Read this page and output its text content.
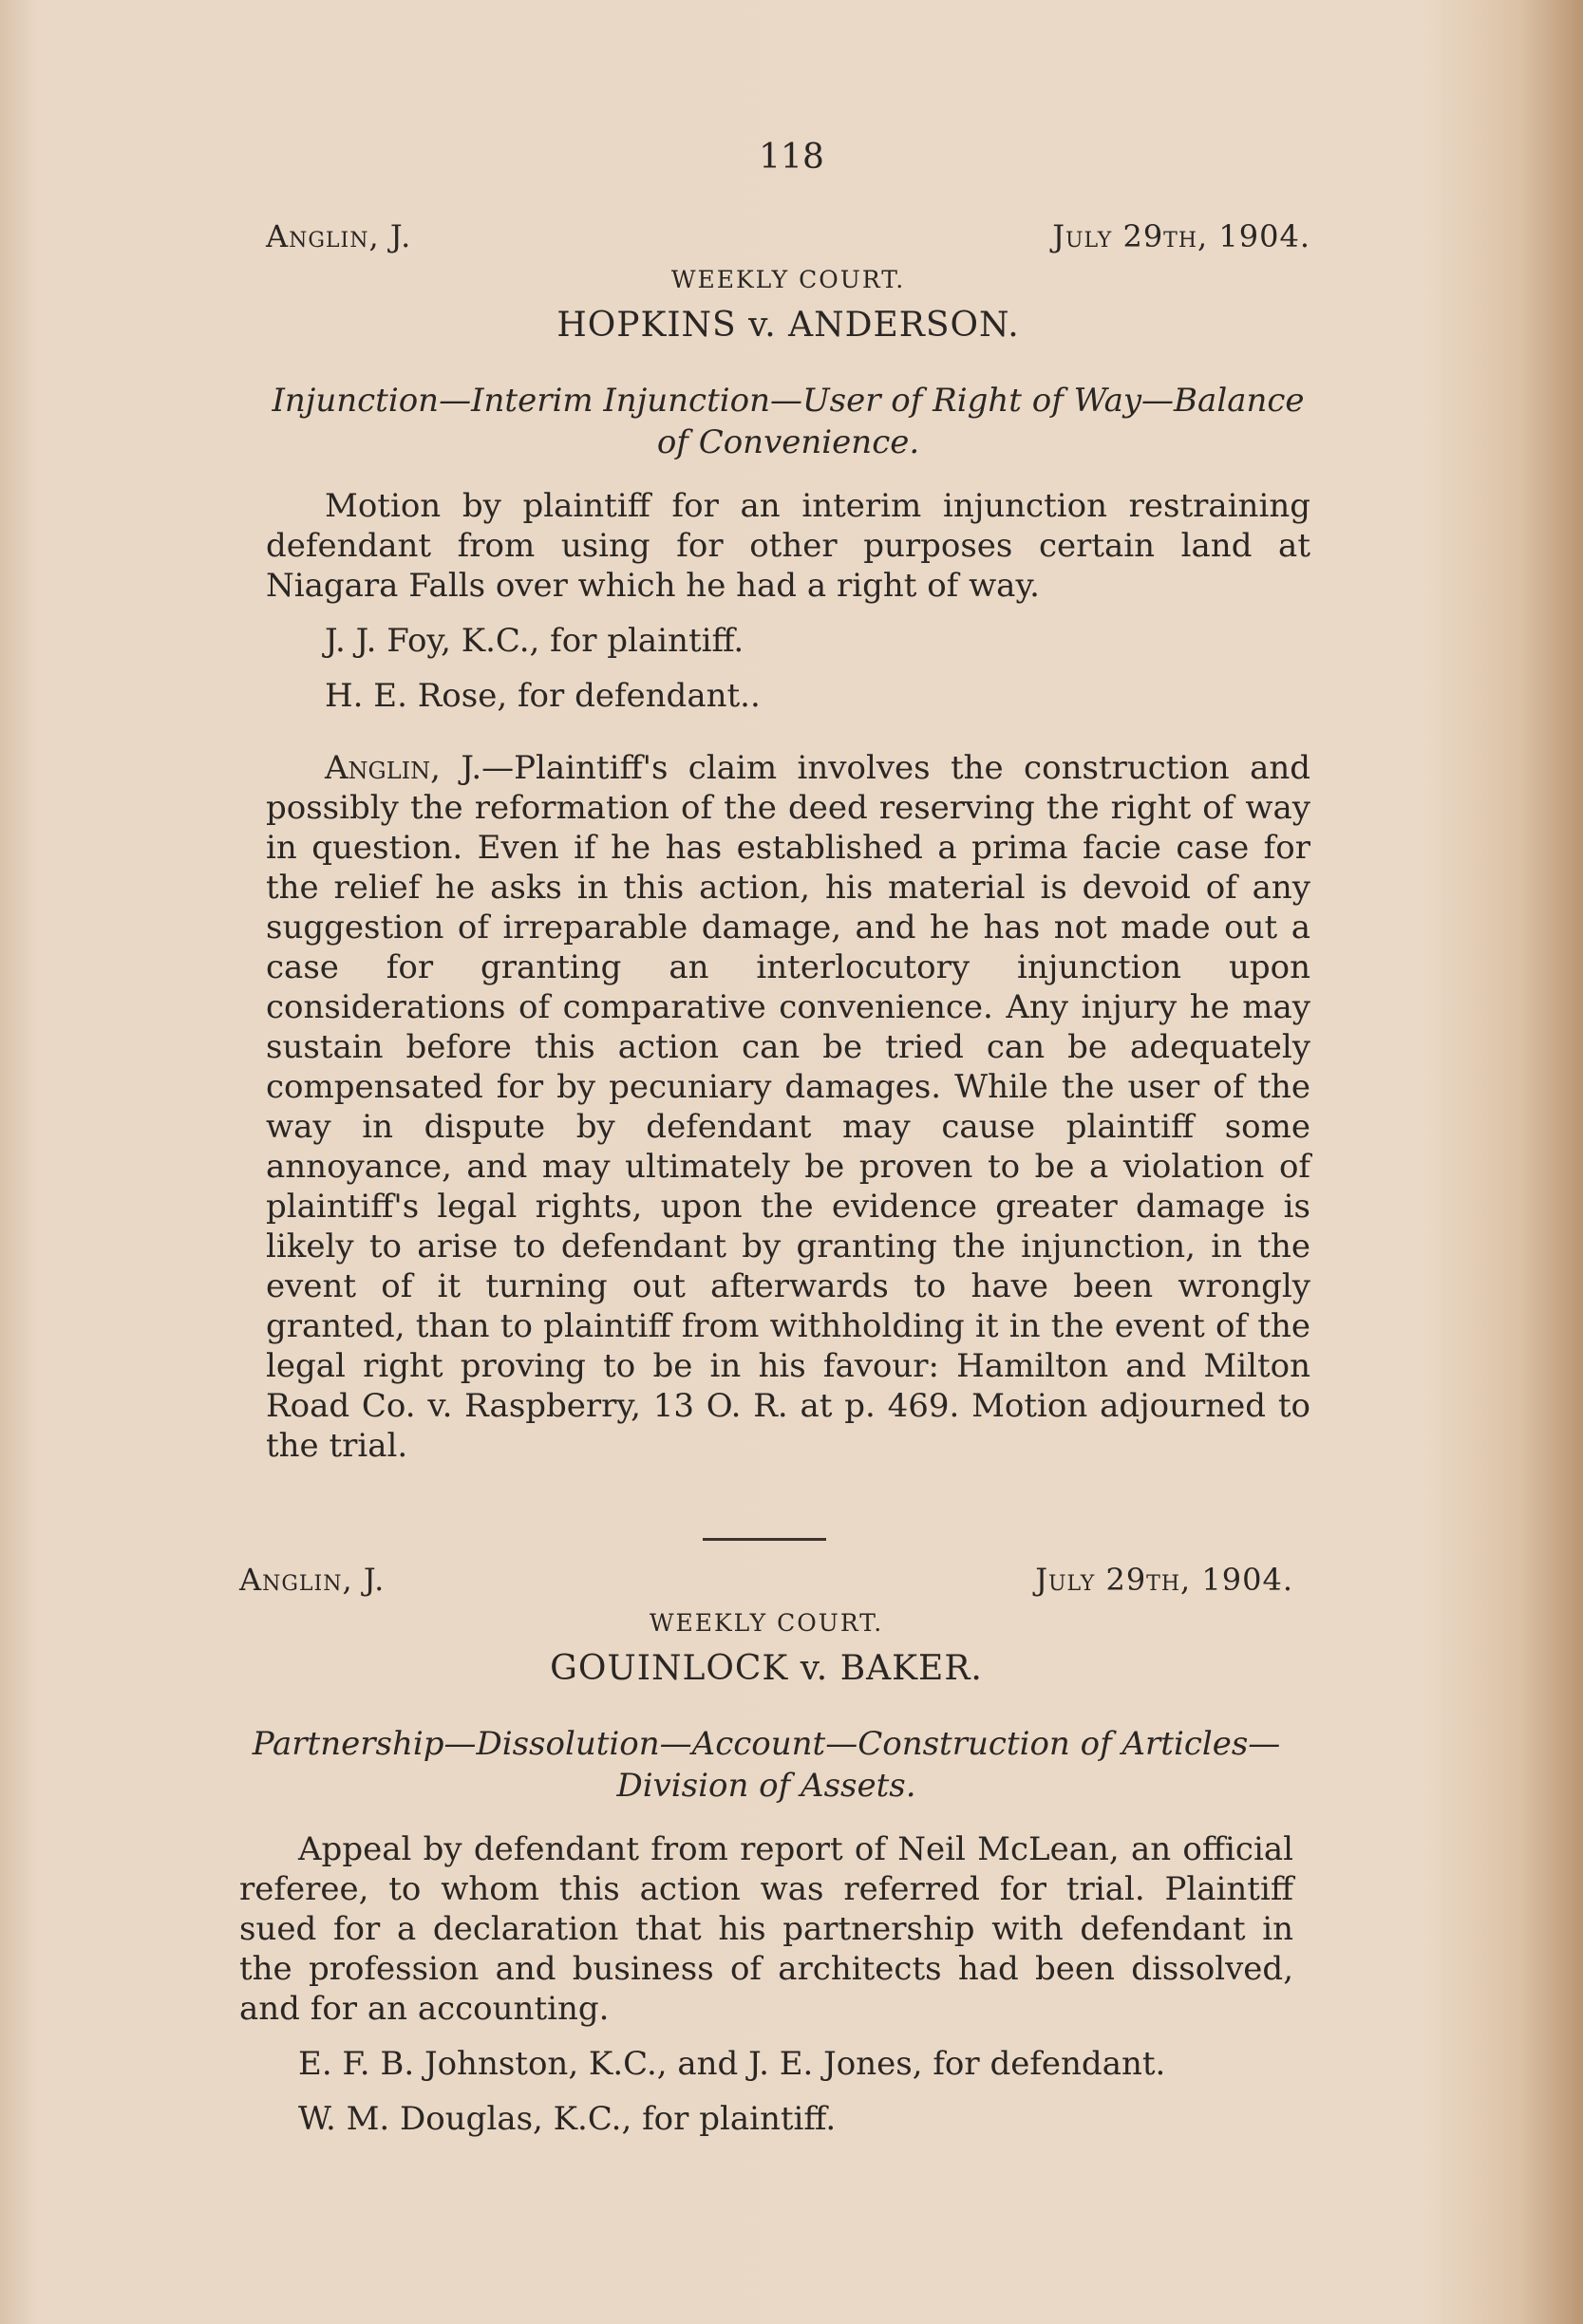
118
Anglin, J.	July 29th, 1904.
WEEKLY COURT.
HOPKINS v. ANDERSON.
Injunction—Interim Injunction—User of Right of Way—Balance of Convenience.

Motion by plaintiff for an interim injunction restraining defendant from using for other purposes certain land at Niagara Falls over which he had a right of way.

J. J. Foy, K.C., for plaintiff.

H. E. Rose, for defendant..

Anglin, J.—Plaintiff's claim involves the construction and possibly the reformation of the deed reserving the right of way in question. Even if he has established a prima facie case for the relief he asks in this action, his material is devoid of any suggestion of irreparable damage, and he has not made out a case for granting an interlocutory injunction upon considerations of comparative convenience. Any injury he may sustain before this action can be tried can be adequately compensated for by pecuniary damages. While the user of the way in dispute by defendant may cause plaintiff some annoyance, and may ultimately be proven to be a violation of plaintiff's legal rights, upon the evidence greater damage is likely to arise to defendant by granting the injunction, in the event of it turning out afterwards to have been wrongly granted, than to plaintiff from withholding it in the event of the legal right proving to be in his favour: Hamilton and Milton Road Co. v. Raspberry, 13 O. R. at p. 469. Motion adjourned to the trial.

Anglin, J.	July 29th, 1904.
WEEKLY COURT.
GOUINLOCK v. BAKER.
Partnership—Dissolution—Account—Construction of Articles—Division of Assets.

Appeal by defendant from report of Neil McLean, an official referee, to whom this action was referred for trial. Plaintiff sued for a declaration that his partnership with defendant in the profession and business of architects had been dissolved, and for an accounting.

E. F. B. Johnston, K.C., and J. E. Jones, for defendant.

W. M. Douglas, K.C., for plaintiff.
